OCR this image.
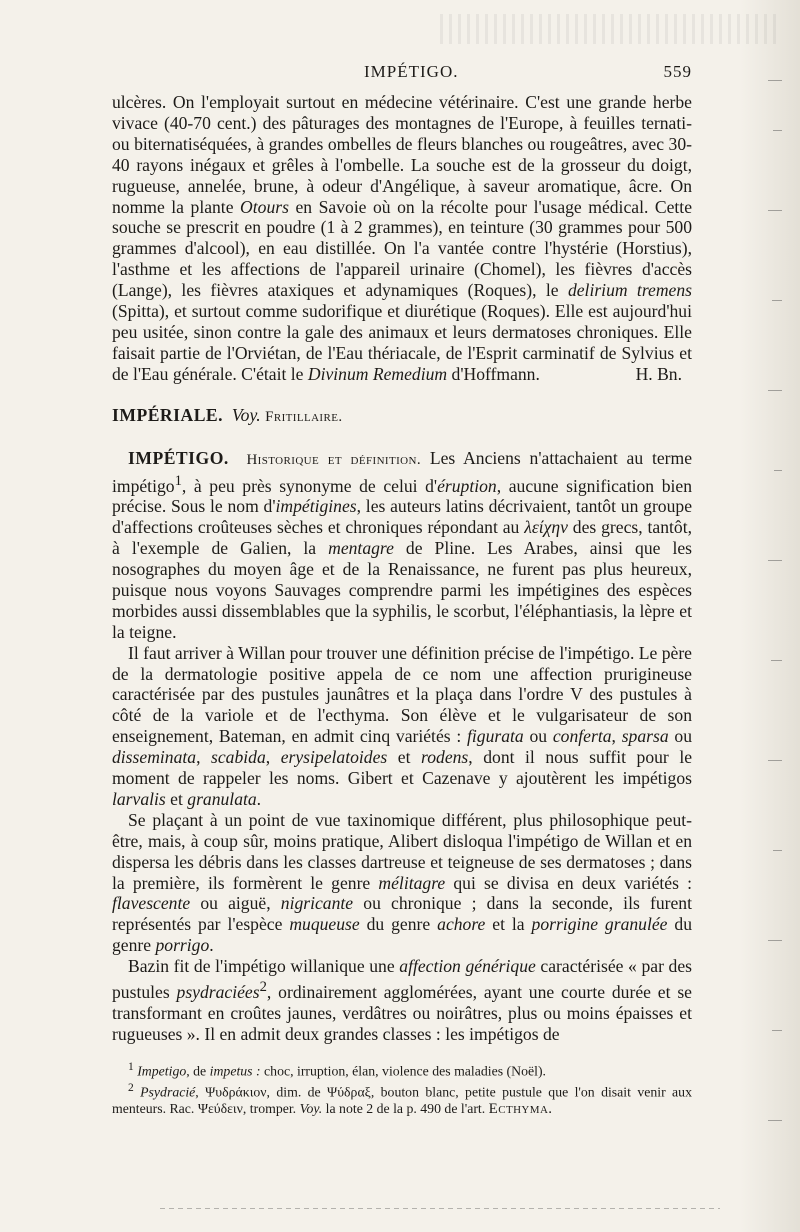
IMPÉTIGO.	559

ulcères. On l'employait surtout en médecine vétérinaire. C'est une grande herbe vivace (40-70 cent.) des pâturages des montagnes de l'Europe, à feuilles ternati- ou biternatiséquées, à grandes ombelles de fleurs blanches ou rougeâtres, avec 30-40 rayons inégaux et grêles à l'ombelle. La souche est de la grosseur du doigt, rugueuse, annelée, brune, à odeur d'Angélique, à saveur aromatique, âcre. On nomme la plante Otours en Savoie où on la récolte pour l'usage médical. Cette souche se prescrit en poudre (1 à 2 grammes), en teinture (30 grammes pour 500 grammes d'alcool), en eau distillée. On l'a vantée contre l'hystérie (Horstius), l'asthme et les affections de l'appareil urinaire (Chomel), les fièvres d'accès (Lange), les fièvres ataxiques et adynamiques (Roques), le delirium tremens (Spitta), et surtout comme sudorifique et diurétique (Roques). Elle est aujourd'hui peu usitée, sinon contre la gale des animaux et leurs dermatoses chroniques. Elle faisait partie de l'Orviétan, de l'Eau thériacale, de l'Esprit carminatif de Sylvius et de l'Eau générale. C'était le Divinum Remedium d'Hoffmann.	H. Bn.

IMPÉRIALE. Voy. Fritillaire.

IMPÉTIGO. Historique et définition. Les Anciens n'attachaient au terme impétigo$^1$, à peu près synonyme de celui d'éruption, aucune signification bien précise. Sous le nom d'impétigines, les auteurs latins décrivaient, tantôt un groupe d'affections croûteuses sèches et chroniques répondant au λείχην des grecs, tantôt, à l'exemple de Galien, la mentagre de Pline. Les Arabes, ainsi que les nosographes du moyen âge et de la Renaissance, ne furent pas plus heureux, puisque nous voyons Sauvages comprendre parmi les impétigines des espèces morbides aussi dissemblables que la syphilis, le scorbut, l'éléphantiasis, la lèpre et la teigne.

Il faut arriver à Willan pour trouver une définition précise de l'impétigo. Le père de la dermatologie positive appela de ce nom une affection prurigineuse caractérisée par des pustules jaunâtres et la plaça dans l'ordre V des pustules à côté de la variole et de l'ecthyma. Son élève et le vulgarisateur de son enseignement, Bateman, en admit cinq variétés : figurata ou conferta, sparsa ou disseminata, scabida, erysipelatoides et rodens, dont il nous suffit pour le moment de rappeler les noms. Gibert et Cazenave y ajoutèrent les impétigos larvalis et granulata.

Se plaçant à un point de vue taxinomique différent, plus philosophique peut-être, mais, à coup sûr, moins pratique, Alibert disloqua l'impétigo de Willan et en dispersa les débris dans les classes dartreuse et teigneuse de ses dermatoses ; dans la première, ils formèrent le genre mélitagre qui se divisa en deux variétés : flavescente ou aiguë, nigricante ou chronique ; dans la seconde, ils furent représentés par l'espèce muqueuse du genre achore et la porrigine granulée du genre porrigo.

Bazin fit de l'impétigo willanique une affection générique caractérisée « par des pustules psydraciées$^2$, ordinairement agglomérées, ayant une courte durée et se transformant en croûtes jaunes, verdâtres ou noirâtres, plus ou moins épaisses et rugueuses ». Il en admit deux grandes classes : les impétigos de

$^1$ Impetigo, de impetus : choc, irruption, élan, violence des maladies (Noël).

$^2$ Psydracié, Ψυδράκιον, dim. de Ψύδραξ, bouton blanc, petite pustule que l'on disait venir aux menteurs. Rac. Ψεύδειν, tromper. Voy. la note 2 de la p. 490 de l'art. Ecthyma.
